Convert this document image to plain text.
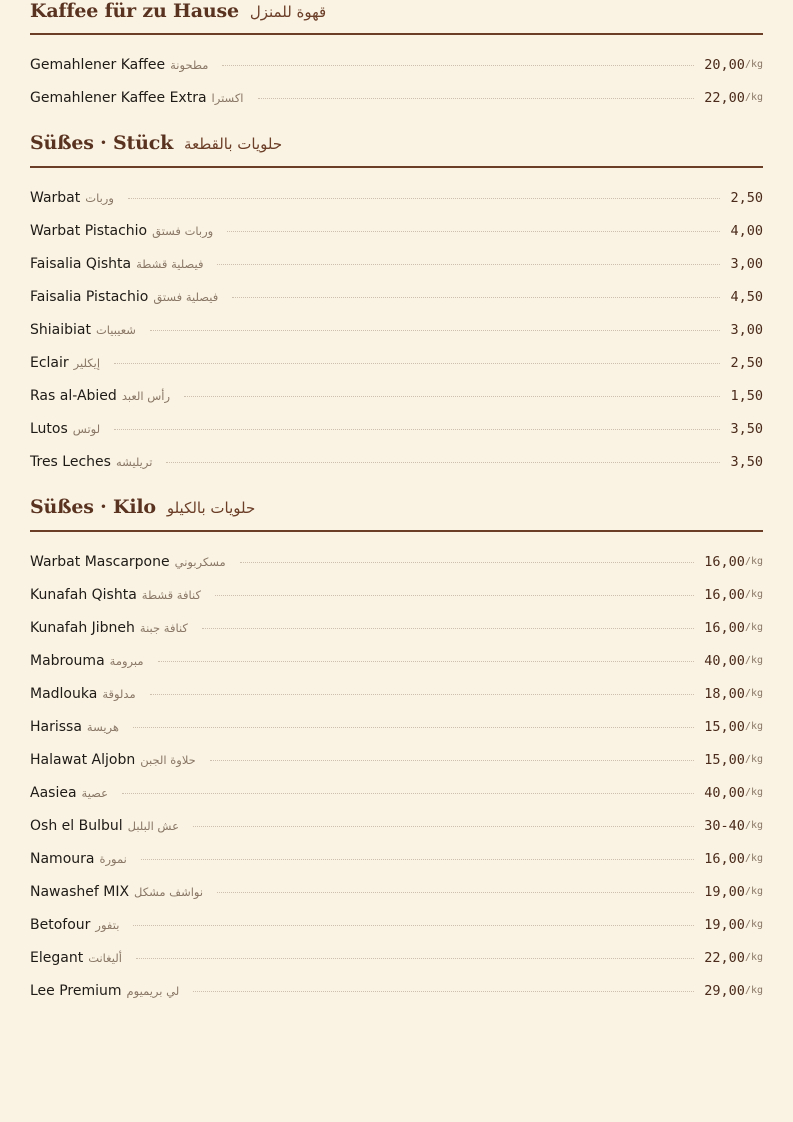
Kaffee für zu Hause قهوة للمنزل
Gemahlener Kaffee مطحونة	20,00 /kg
Gemahlener Kaffee Extra اكسترا	22,00 /kg
Süßes · Stück حلويات بالقطعة
Warbat وربات	2,50
Warbat Pistachio وربات فستق	4,00
Faisalia Qishta فيصلية قشطة	3,00
Faisalia Pistachio فيصلية فستق	4,50
Shiaibiat شعيبيات	3,00
Eclair إيكلير	2,50
Ras al-Abied رأس العبد	1,50
Lutos لوتس	3,50
Tres Leches تريليشه	3,50
Süßes · Kilo حلويات بالكيلو
Warbat Mascarpone مسكربوني	16,00 /kg
Kunafah Qishta كنافة قشطة	16,00 /kg
Kunafah Jibneh كنافة جبنة	16,00 /kg
Mabrouma مبرومة	40,00 /kg
Madlouka مدلوقة	18,00 /kg
Harissa هريسة	15,00 /kg
Halawat Aljobn حلاوة الجبن	15,00 /kg
Aasiea عصية	40,00 /kg
Osh el Bulbul عش البلبل	30-40 /kg
Namoura نمورة	16,00 /kg
Nawashef MIX نواشف مشكل	19,00 /kg
Betofour بتفور	19,00 /kg
Elegant أليغانت	22,00 /kg
Lee Premium لي بريميوم	29,00 /kg
